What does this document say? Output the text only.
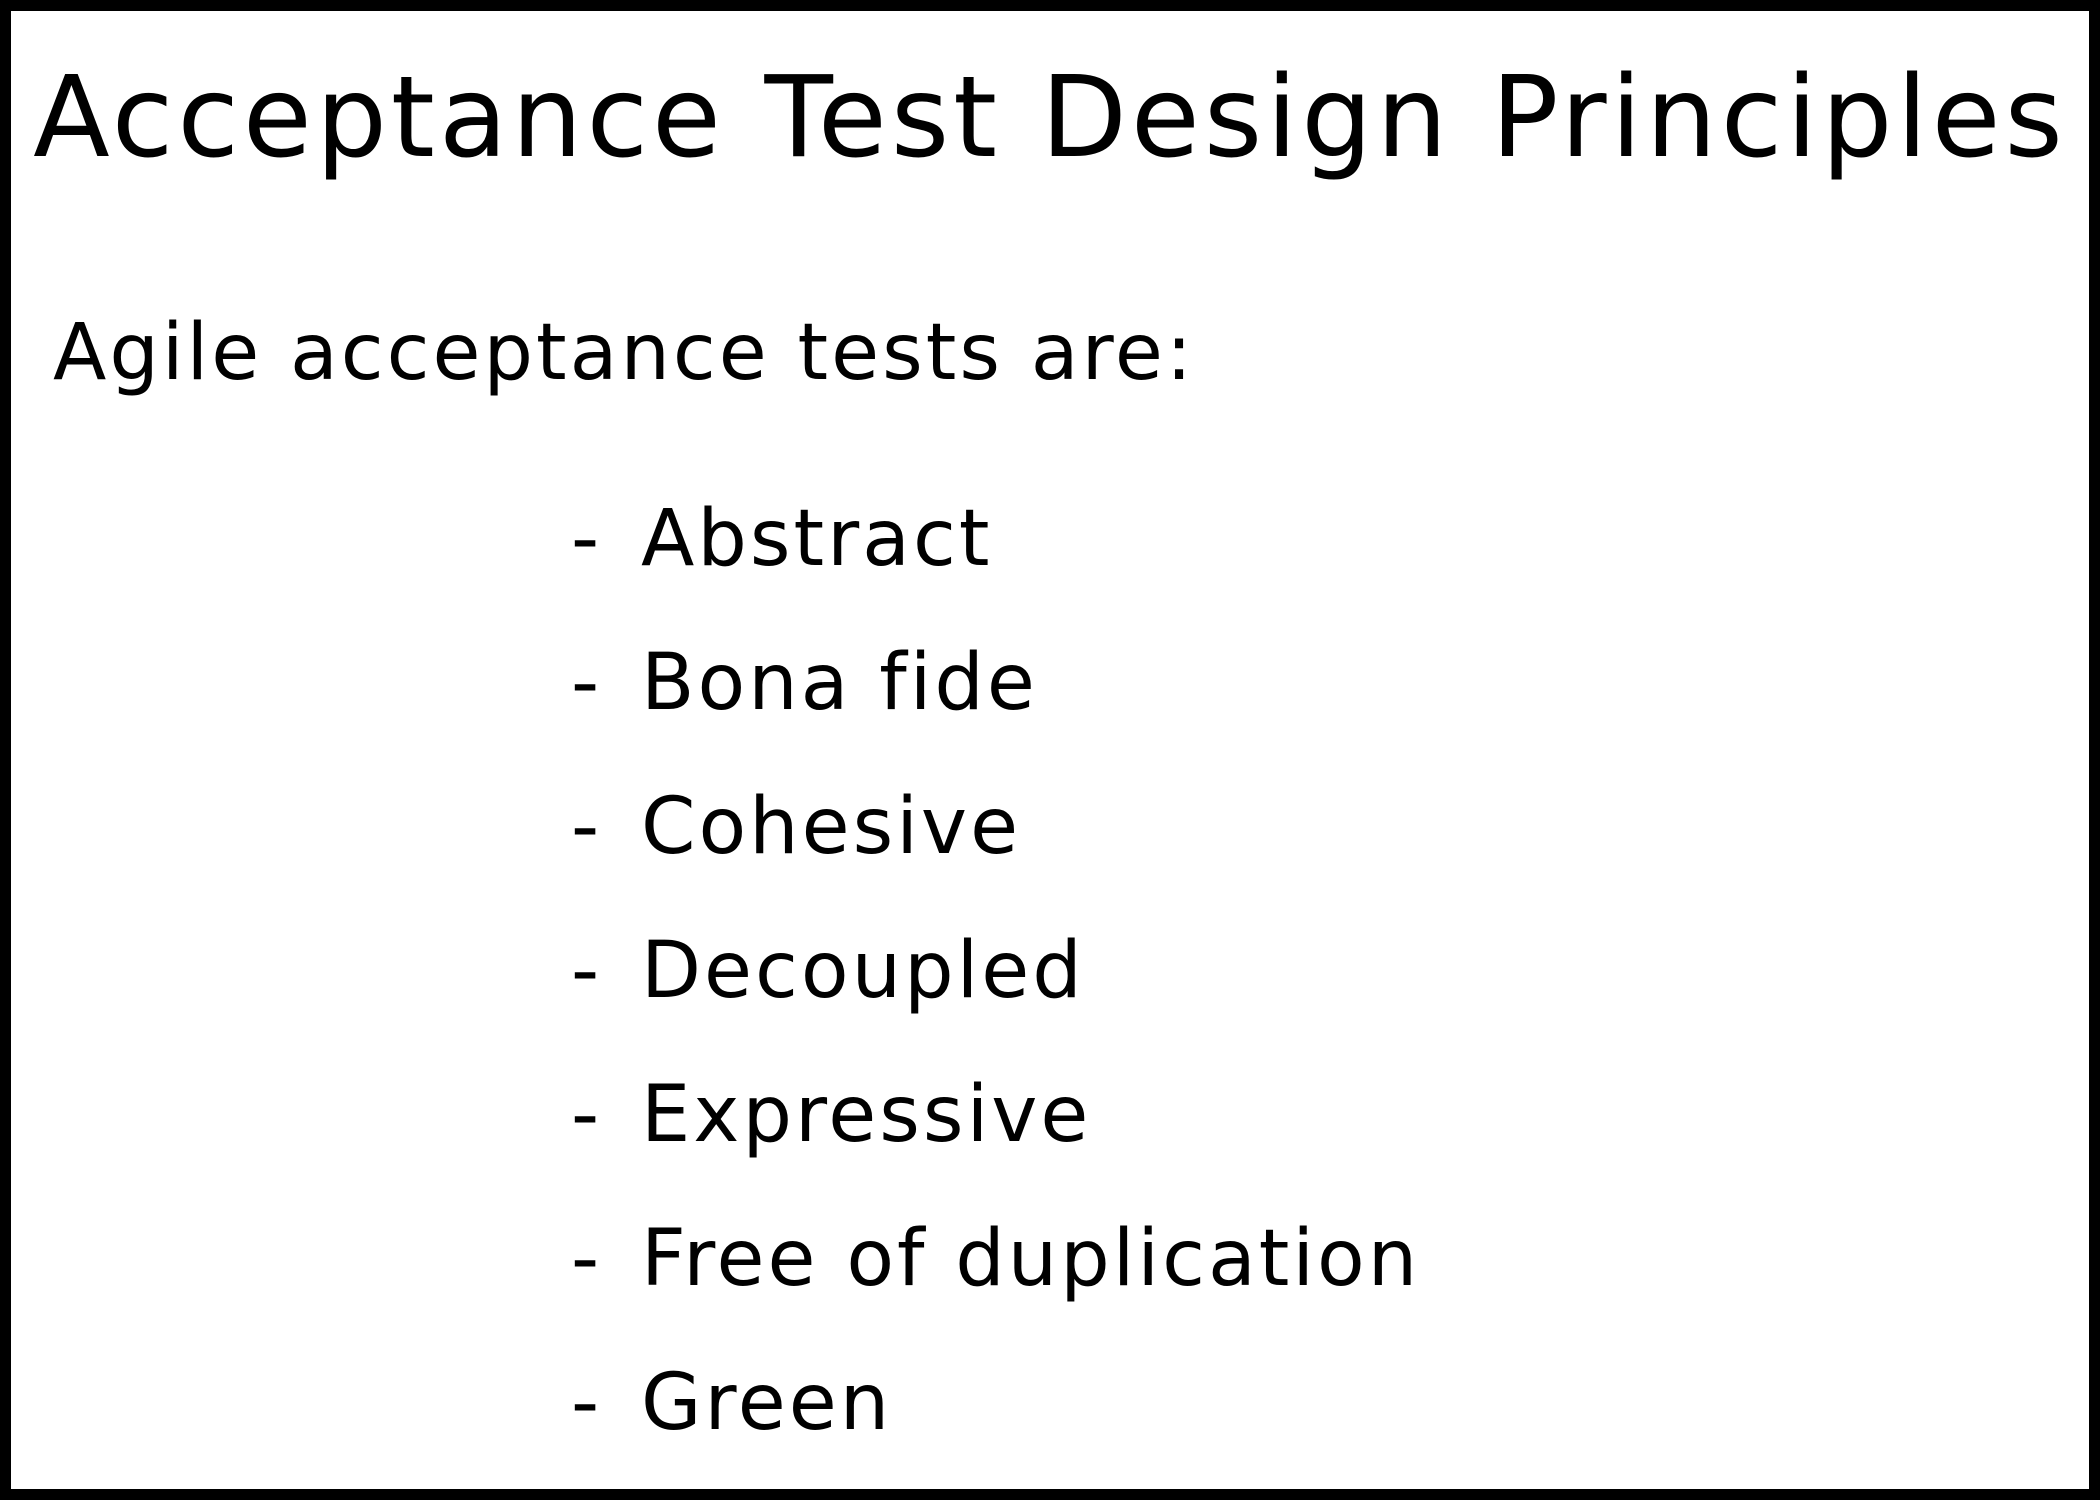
Acceptance Test Design Principles

Agile acceptance tests are:

- Abstract
- Bona fide
- Cohesive
- Decoupled
- Expressive
- Free of duplication
- Green
